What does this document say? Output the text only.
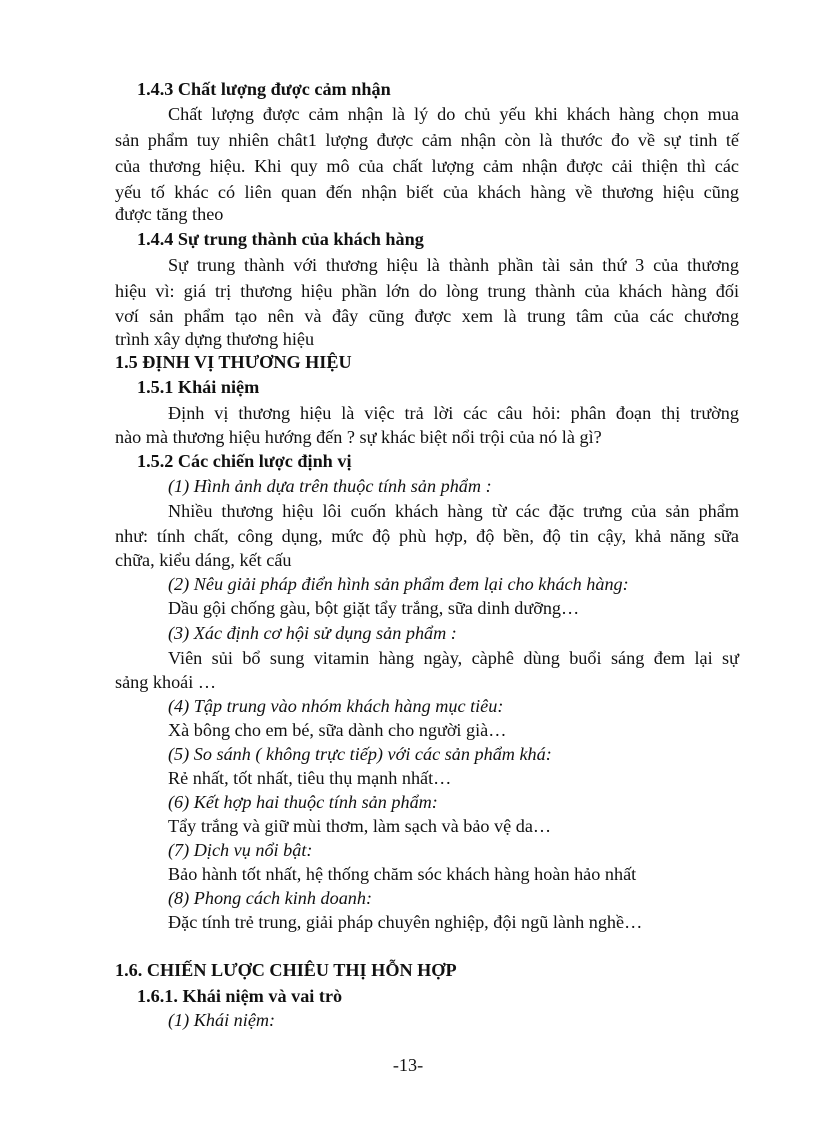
1.4.3 Chất lượng được cảm nhận
Chất lượng được cảm nhận là lý do chủ yếu khi khách hàng chọn mua
sản phẩm tuy nhiên chât1 lượng được cảm nhận còn là thước đo về sự tinh tế
của thương hiệu. Khi quy mô của chất lượng cảm nhận được cải thiện thì các
yếu tố khác có liên quan đến nhận biết của khách hàng về thương hiệu cũng
được tăng theo
1.4.4 Sự trung thành của khách hàng
Sự trung thành với thương hiệu là thành phần tài sản thứ 3 của thương
hiệu vì: giá trị thương hiệu phần lớn do lòng trung thành của khách hàng đối
vơí sản phẩm tạo nên và đây cũng được xem là trung tâm của các chương
trình xây dựng thương hiệu
1.5 ĐỊNH VỊ THƯƠNG HIỆU
1.5.1 Khái niệm
Định vị thương hiệu là việc trả lời các câu hỏi: phân đoạn thị trường
nào mà thương hiệu hướng đến ? sự khác biệt nổi trội của nó là gì?
1.5.2 Các chiến lược định vị
(1) Hình ảnh dựa trên thuộc tính sản phẩm :
Nhiều thương hiệu lôi cuốn khách hàng từ các đặc trưng của sản phẩm
như: tính chất, công dụng, mức độ phù hợp, độ bền, độ tin cậy, khả năng sữa
chữa, kiểu dáng, kết cấu
(2) Nêu giải pháp điển hình sản phẩm đem lại cho khách hàng:
Dầu gội chống gàu, bột giặt tẩy trắng, sữa dinh dưỡng…
(3) Xác định cơ hội sử dụng sản phẩm :
Viên sủi bổ sung vitamin hàng ngày, càphê dùng buổi sáng đem lại sự
sảng khoái …
(4) Tập trung vào nhóm khách hàng mục tiêu:
Xà bông cho em bé, sữa dành cho người già…
(5) So sánh ( không trực tiếp) với các sản phẩm khá:
Rẻ nhất, tốt nhất, tiêu thụ mạnh nhất…
(6) Kết hợp hai thuộc tính sản phẩm:
Tẩy trắng và giữ mùi thơm, làm sạch và bảo vệ da…
(7) Dịch vụ nổi bật:
Bảo hành tốt nhất, hệ thống chăm sóc khách hàng hoàn hảo nhất
(8) Phong cách kinh doanh:
Đặc tính trẻ trung, giải pháp chuyên nghiệp, đội ngũ lành nghề…
1.6. CHIẾN LƯỢC CHIÊU THỊ HỖN HỢP
1.6.1. Khái niệm và vai trò
(1) Khái niệm:
-13-
